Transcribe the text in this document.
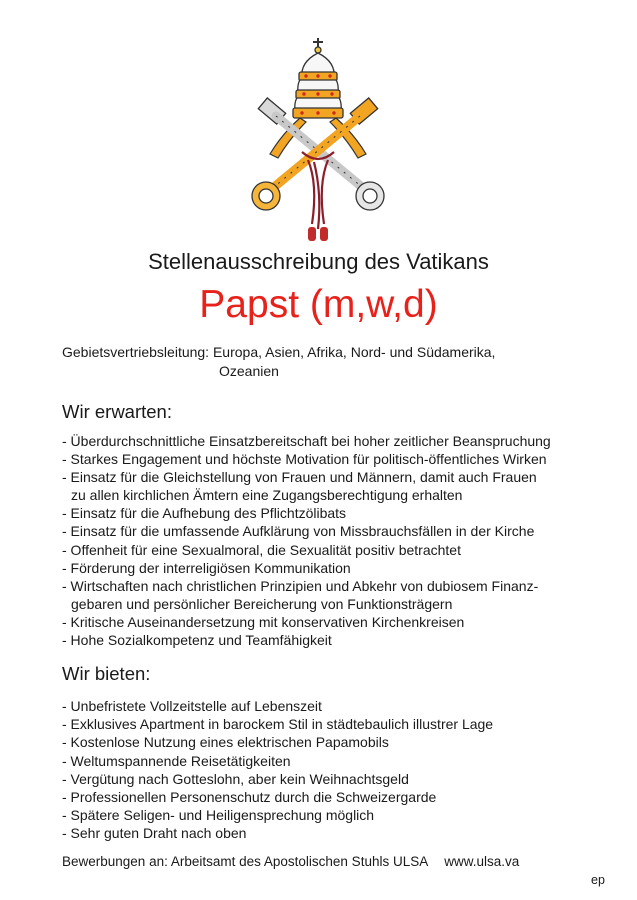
Stellenausschreibung des Vatikans
Papst (m,w,d)
Gebietsvertriebsleitung: Europa, Asien, Afrika, Nord- und Südamerika,
Ozeanien
Wir erwarten:
- Überdurchschnittliche Einsatzbereitschaft bei hoher zeitlicher Beanspruchung
- Starkes Engagement und höchste Motivation für politisch-öffentliches Wirken
- Einsatz für die Gleichstellung von Frauen und Männern, damit auch Frauen
zu allen kirchlichen Ämtern eine Zugangsberechtigung erhalten
- Einsatz für die Aufhebung des Pflichtzölibats
- Einsatz für die umfassende Aufklärung von Missbrauchsfällen in der Kirche
- Offenheit für eine Sexualmoral, die Sexualität positiv betrachtet
- Förderung der interreligiösen Kommunikation
- Wirtschaften nach christlichen Prinzipien und Abkehr von dubiosem Finanz-
gebaren und persönlicher Bereicherung von Funktionsträgern
- Kritische Auseinandersetzung mit konservativen Kirchenkreisen
- Hohe Sozialkompetenz und Teamfähigkeit
Wir bieten:
- Unbefristete Vollzeitstelle auf Lebenszeit
- Exklusives Apartment in barockem Stil in städtebaulich illustrer Lage
- Kostenlose Nutzung eines elektrischen Papamobils
- Weltumspannende Reisetätigkeiten
- Vergütung nach Gotteslohn, aber kein Weihnachtsgeld
- Professionellen Personenschutz durch die Schweizergarde
- Spätere Seligen- und Heiligensprechung möglich
- Sehr guten Draht nach oben
Bewerbungen an: Arbeitsamt des Apostolischen Stuhls ULSA www.ulsa.va
ep
